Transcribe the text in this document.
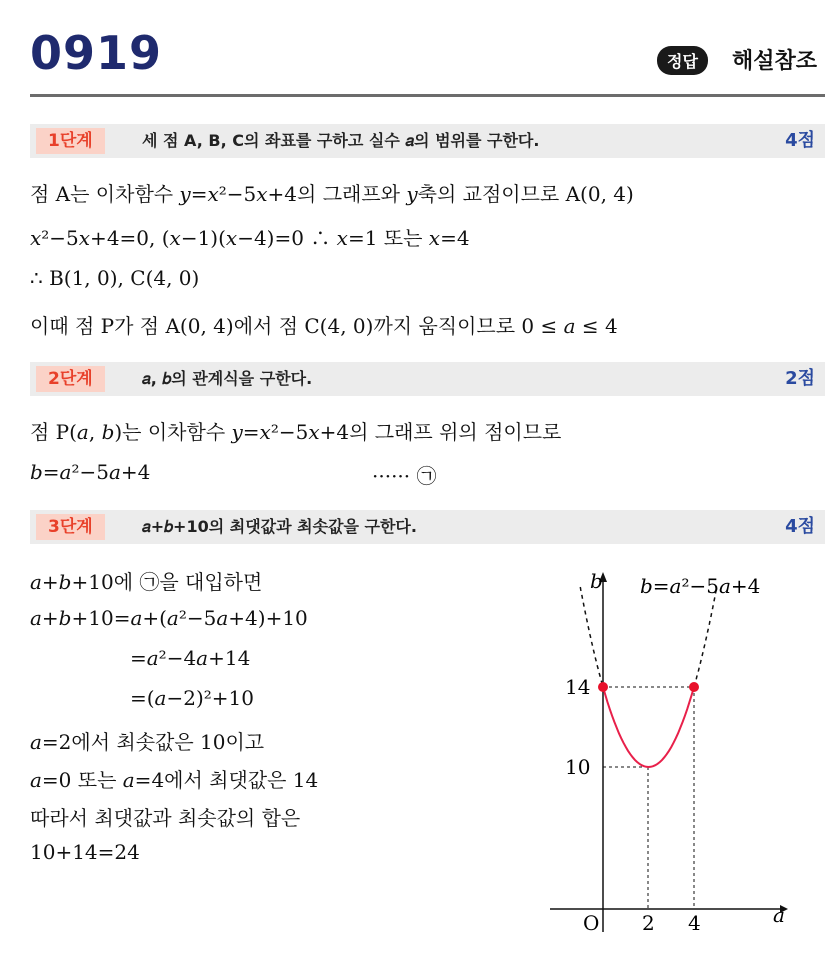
0919	정답	해설참조
1단계	세 점 A, B, C의 좌표를 구하고 실수 𝑎의 범위를 구한다.	4점
점 A는 이차함수 𝑦=𝑥²−5𝑥+4의 그래프와 𝑦축의 교점이므로 A(0, 4)
𝑥²−5𝑥+4=0, (𝑥−1)(𝑥−4)=0 ∴ 𝑥=1 또는 𝑥=4
∴ B(1, 0), C(4, 0)
이때 점 P가 점 A(0, 4)에서 점 C(4, 0)까지 움직이므로 0 ≤ 𝑎 ≤ 4
2단계	𝑎, 𝑏의 관계식을 구한다.	2점
점 P(𝑎, 𝑏)는 이차함수 𝑦=𝑥²−5𝑥+4의 그래프 위의 점이므로
𝑏=𝑎²−5𝑎+4	······ ㉠
3단계	𝑎+𝑏+10의 최댓값과 최솟값을 구한다.	4점
𝑎+𝑏+10에 ㉠을 대입하면
𝑎+𝑏+10=𝑎+(𝑎²−5𝑎+4)+10
=𝑎²−4𝑎+14
=(𝑎−2)²+10
𝑎=2에서 최솟값은 10이고
𝑎=0 또는 𝑎=4에서 최댓값은 14
따라서 최댓값과 최솟값의 합은
10+14=24
𝑏
𝑎
𝑏=𝑎²−5𝑎+4
14
10
O 2 4
